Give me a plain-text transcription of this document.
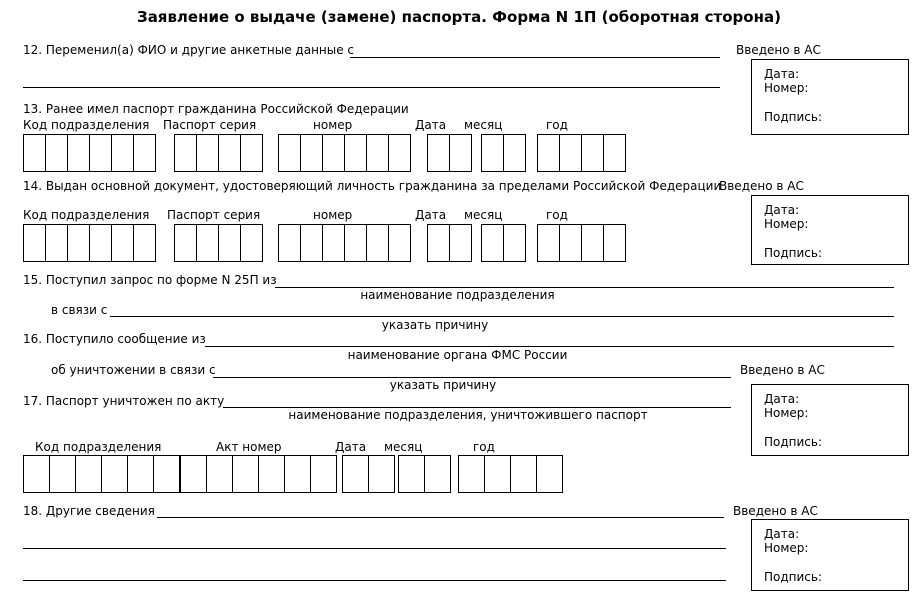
Заявление о выдаче (замене) паспорта. Форма N 1П (оборотная сторона)
12. Переменил(а) ФИО и другие анкетные данные с	Введено в АС
Дата:
Номер:
Подпись:
13. Ранее имел паспорт гражданина Российской Федерации
Код подразделения Паспорт серия	номер	Дата месяц	год
14. Выдан основной документ, удостоверяющий личность гражданина за пределами Российской Федерации
Введено в АС
Дата:
Номер:
Подпись:
Код подразделения Паспорт серия	номер	Дата месяц	год
15. Поступил запрос по форме N 25П из
наименование подразделения
в связи с
указать причину
16. Поступило сообщение из
наименование органа ФМС России
об уничтожении в связи с
указать причину
Введено в АС
17. Паспорт уничтожен по акту
наименование подразделения, уничтожившего паспорт
Дата:
Номер:
Подпись:
Код подразделения	Акт номер	Дата месяц	год
18. Другие сведения	Введено в АС
Дата:
Номер:
Подпись:
